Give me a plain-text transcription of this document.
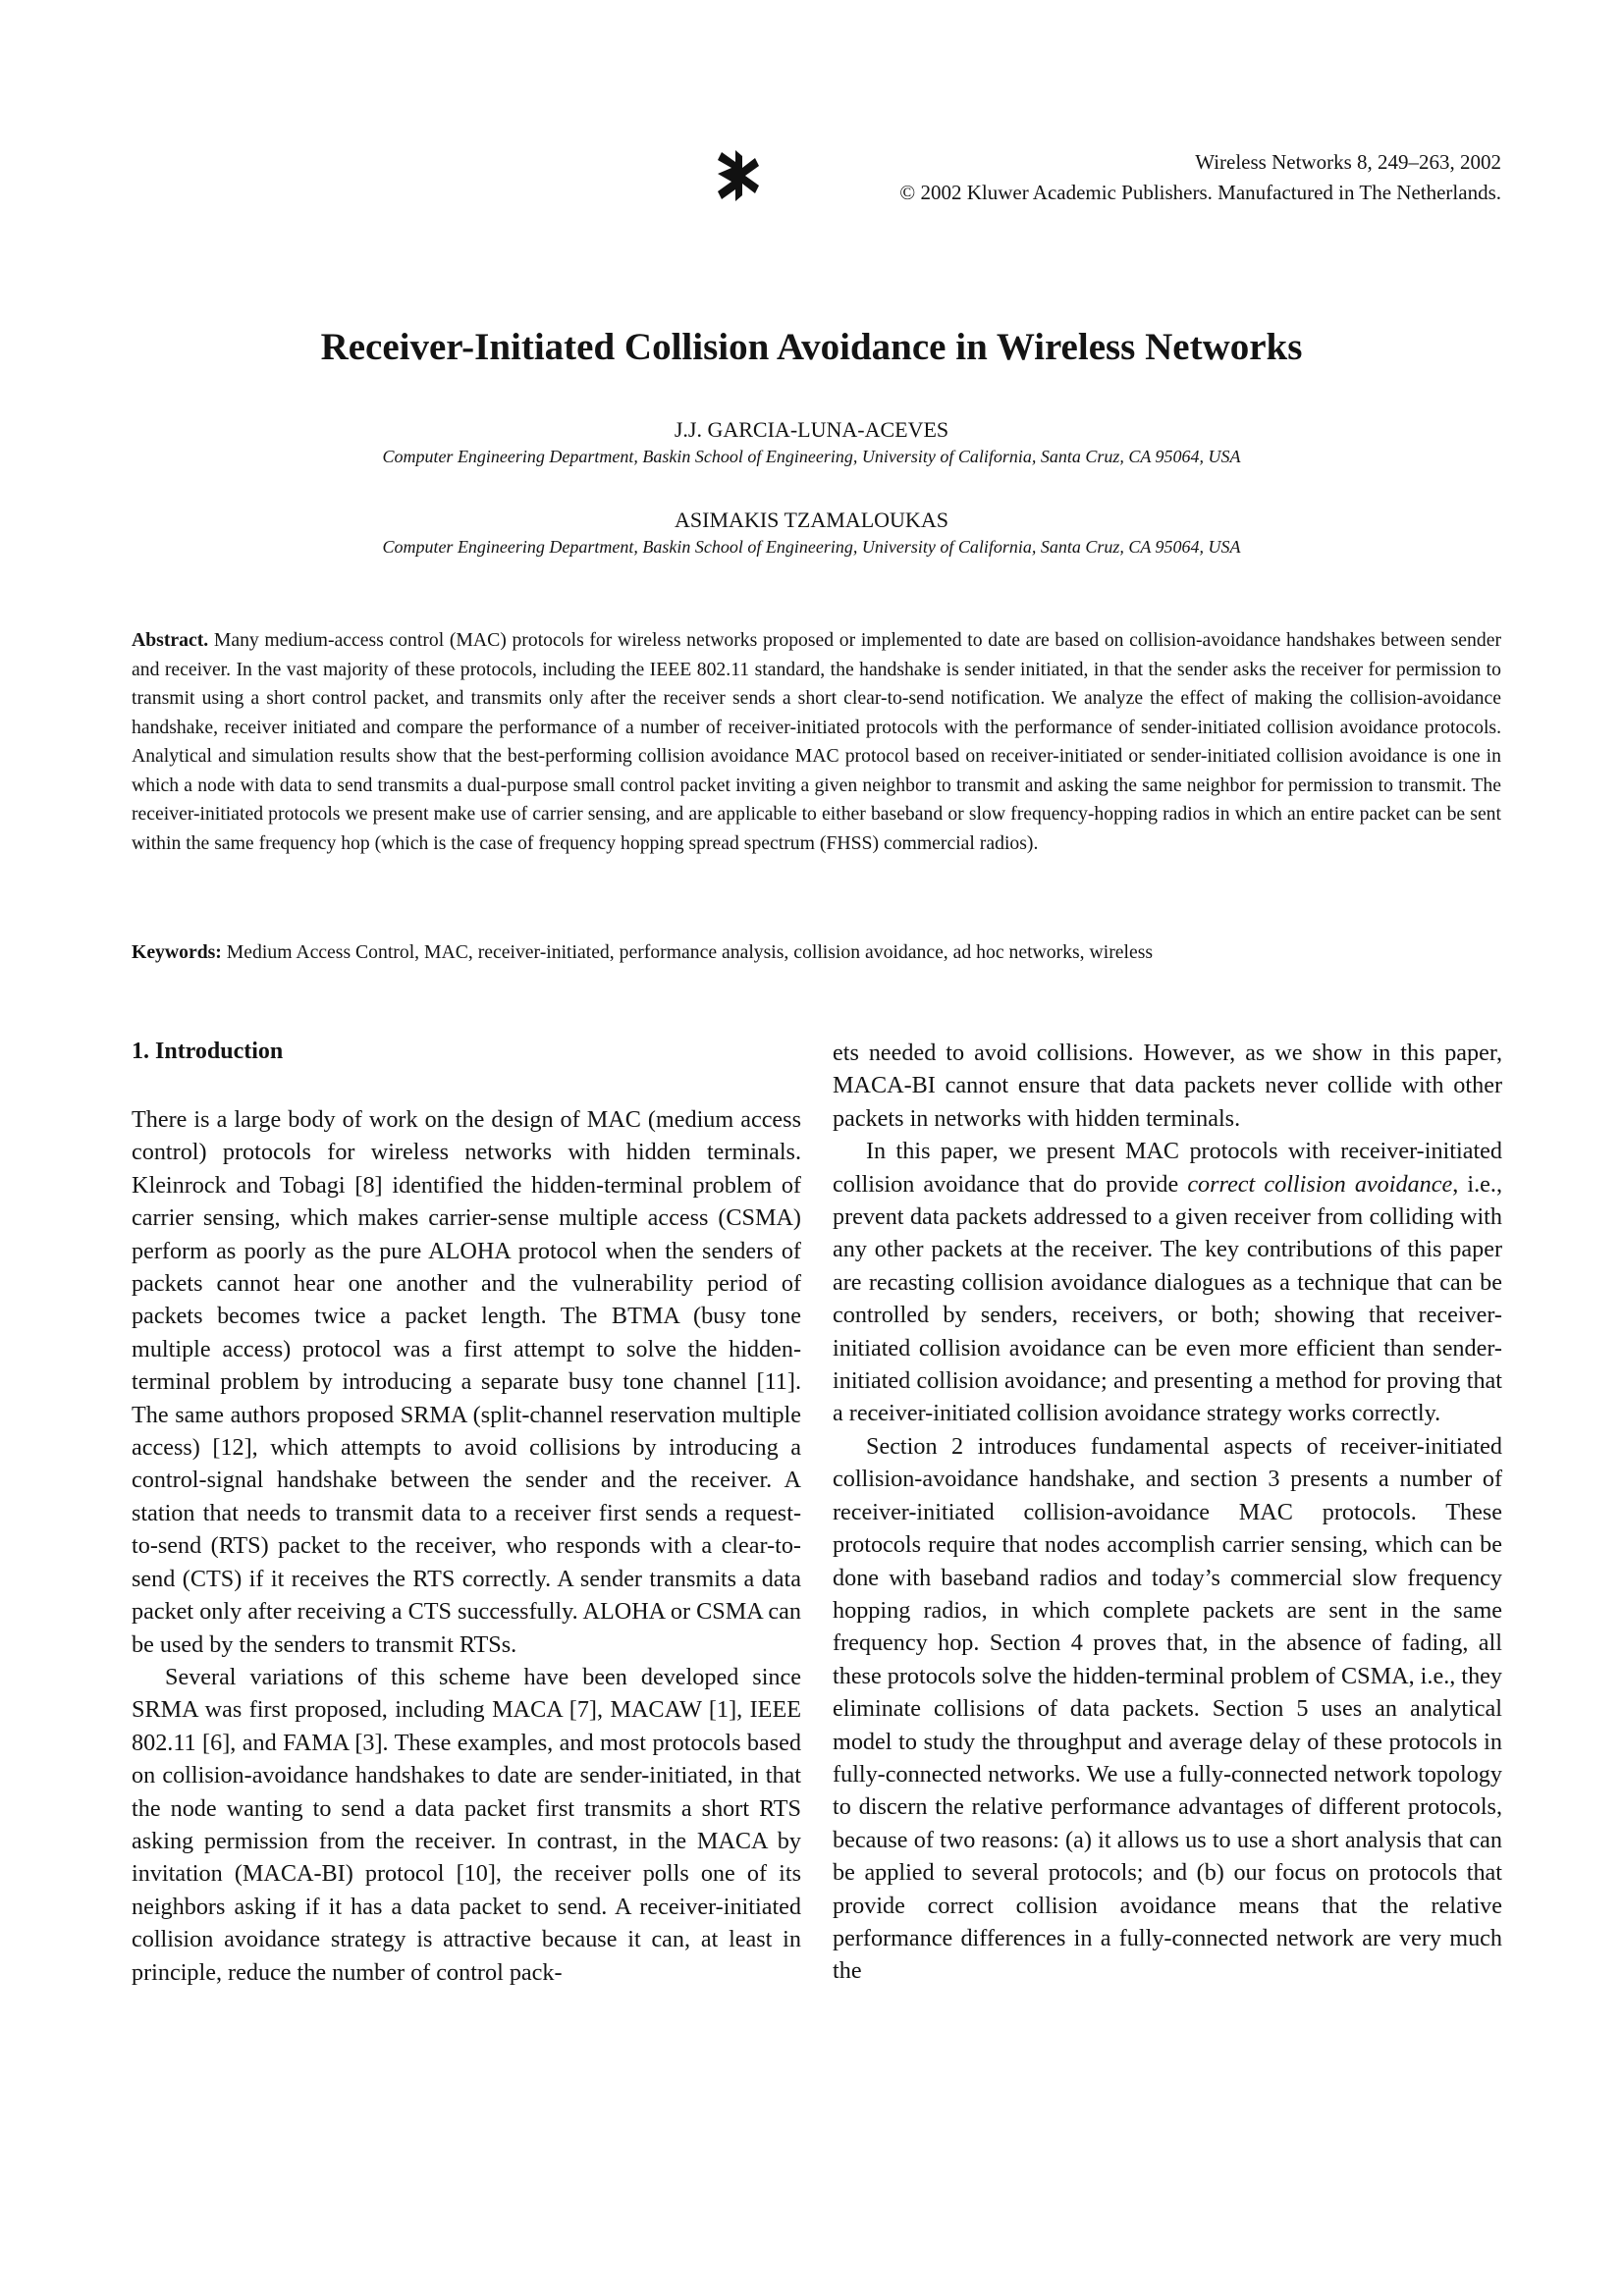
Wireless Networks 8, 249–263, 2002
© 2002 Kluwer Academic Publishers. Manufactured in The Netherlands.
Receiver-Initiated Collision Avoidance in Wireless Networks
J.J. GARCIA-LUNA-ACEVES
Computer Engineering Department, Baskin School of Engineering, University of California, Santa Cruz, CA 95064, USA
ASIMAKIS TZAMALOUKAS
Computer Engineering Department, Baskin School of Engineering, University of California, Santa Cruz, CA 95064, USA

Abstract. Many medium-access control (MAC) protocols for wireless networks proposed or implemented to date are based on collision-avoidance handshakes between sender and receiver. In the vast majority of these protocols, including the IEEE 802.11 standard, the handshake is sender initiated, in that the sender asks the receiver for permission to transmit using a short control packet, and transmits only after the receiver sends a short clear-to-send notification. We analyze the effect of making the collision-avoidance handshake, receiver initiated and compare the performance of a number of receiver-initiated protocols with the performance of sender-initiated collision avoidance protocols. Analytical and simulation results show that the best-performing collision avoidance MAC protocol based on receiver-initiated or sender-initiated collision avoidance is one in which a node with data to send transmits a dual-purpose small control packet inviting a given neighbor to transmit and asking the same neighbor for permission to transmit. The receiver-initiated protocols we present make use of carrier sensing, and are applicable to either baseband or slow frequency-hopping radios in which an entire packet can be sent within the same frequency hop (which is the case of frequency hopping spread spectrum (FHSS) commercial radios).

Keywords: Medium Access Control, MAC, receiver-initiated, performance analysis, collision avoidance, ad hoc networks, wireless

1. Introduction

There is a large body of work on the design of MAC (medium access control) protocols for wireless networks with hidden terminals. Kleinrock and Tobagi [8] identified the hidden-terminal problem of carrier sensing, which makes carrier-sense multiple access (CSMA) perform as poorly as the pure ALOHA protocol when the senders of packets cannot hear one another and the vulnerability period of packets becomes twice a packet length. The BTMA (busy tone multiple access) protocol was a first attempt to solve the hidden-terminal problem by introducing a separate busy tone channel [11]. The same authors proposed SRMA (split-channel reservation multiple access) [12], which attempts to avoid collisions by introducing a control-signal handshake between the sender and the receiver. A station that needs to transmit data to a receiver first sends a request-to-send (RTS) packet to the receiver, who responds with a clear-to-send (CTS) if it receives the RTS correctly. A sender transmits a data packet only after receiving a CTS successfully. ALOHA or CSMA can be used by the senders to transmit RTSs.

Several variations of this scheme have been developed since SRMA was first proposed, including MACA [7], MACAW [1], IEEE 802.11 [6], and FAMA [3]. These examples, and most protocols based on collision-avoidance handshakes to date are sender-initiated, in that the node wanting to send a data packet first transmits a short RTS asking permission from the receiver. In contrast, in the MACA by invitation (MACA-BI) protocol [10], the receiver polls one of its neighbors asking if it has a data packet to send. A receiver-initiated collision avoidance strategy is attractive because it can, at least in principle, reduce the number of control pack-

ets needed to avoid collisions. However, as we show in this paper, MACA-BI cannot ensure that data packets never collide with other packets in networks with hidden terminals.

In this paper, we present MAC protocols with receiver-initiated collision avoidance that do provide correct collision avoidance, i.e., prevent data packets addressed to a given receiver from colliding with any other packets at the receiver. The key contributions of this paper are recasting collision avoidance dialogues as a technique that can be controlled by senders, receivers, or both; showing that receiver-initiated collision avoidance can be even more efficient than sender-initiated collision avoidance; and presenting a method for proving that a receiver-initiated collision avoidance strategy works correctly.

Section 2 introduces fundamental aspects of receiver-initiated collision-avoidance handshake, and section 3 presents a number of receiver-initiated collision-avoidance MAC protocols. These protocols require that nodes accomplish carrier sensing, which can be done with baseband radios and today’s commercial slow frequency hopping radios, in which complete packets are sent in the same frequency hop. Section 4 proves that, in the absence of fading, all these protocols solve the hidden-terminal problem of CSMA, i.e., they eliminate collisions of data packets. Section 5 uses an analytical model to study the throughput and average delay of these protocols in fully-connected networks. We use a fully-connected network topology to discern the relative performance advantages of different protocols, because of two reasons: (a) it allows us to use a short analysis that can be applied to several protocols; and (b) our focus on protocols that provide correct collision avoidance means that the relative performance differences in a fully-connected network are very much the
